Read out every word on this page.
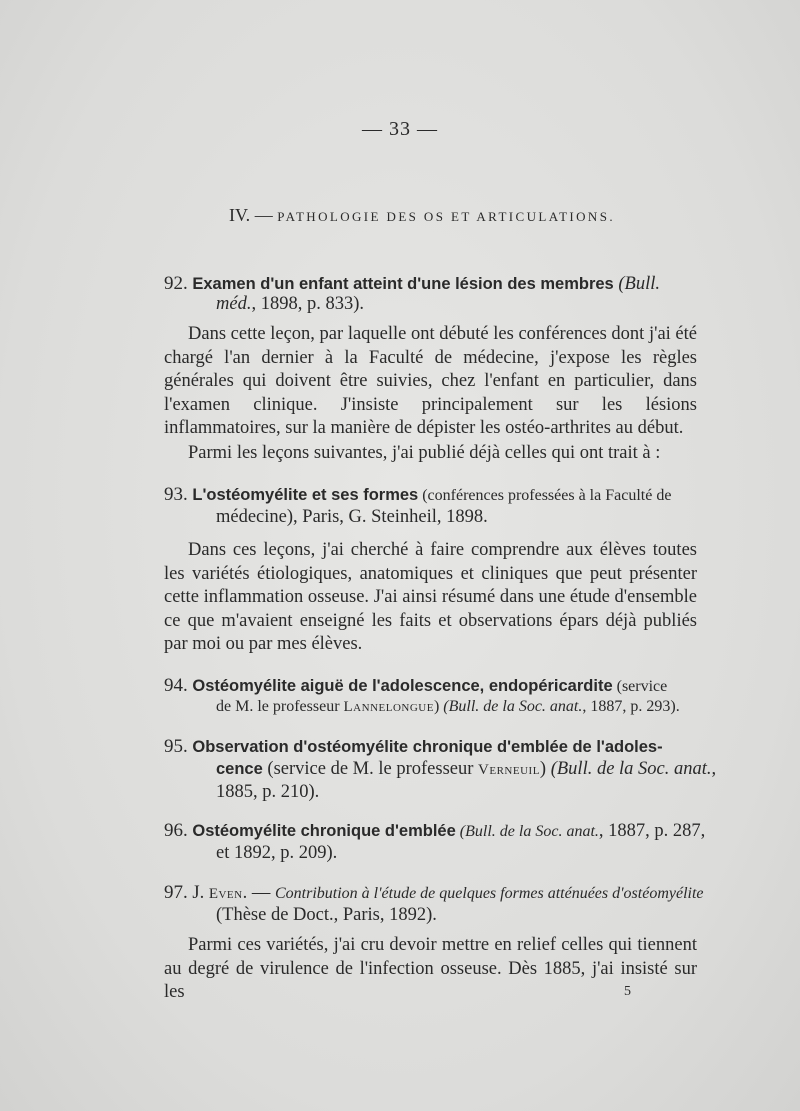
— 33 —
IV. — PATHOLOGIE DES OS ET ARTICULATIONS.
92. Examen d'un enfant atteint d'une lésion des membres (Bull.
méd., 1898, p. 833).

Dans cette leçon, par laquelle ont débuté les conférences dont j'ai été chargé l'an dernier à la Faculté de médecine, j'expose les règles générales qui doivent être suivies, chez l'enfant en particulier, dans l'examen clinique. J'insiste principalement sur les lésions inflammatoires, sur la manière de dépister les ostéo-arthrites au début.

Parmi les leçons suivantes, j'ai publié déjà celles qui ont trait à :

93. L'ostéomyélite et ses formes (conférences professées à la Faculté de
médecine), Paris, G. Steinheil, 1898.

Dans ces leçons, j'ai cherché à faire comprendre aux élèves toutes les variétés étiologiques, anatomiques et cliniques que peut présenter cette inflammation osseuse. J'ai ainsi résumé dans une étude d'ensemble ce que m'avaient enseigné les faits et observations épars déjà publiés par moi ou par mes élèves.

94. Ostéomyélite aiguë de l'adolescence, endopéricardite (service
de M. le professeur Lannelongue) (Bull. de la Soc. anat., 1887, p. 293).
95. Observation d'ostéomyélite chronique d'emblée de l'adoles-
cence (service de M. le professeur Verneuil) (Bull. de la Soc. anat.,
1885, p. 210).
96. Ostéomyélite chronique d'emblée (Bull. de la Soc. anat., 1887, p. 287,
et 1892, p. 209).
97. J. Even. — Contribution à l'étude de quelques formes atténuées d'ostéomyélite
(Thèse de Doct., Paris, 1892).

Parmi ces variétés, j'ai cru devoir mettre en relief celles qui tiennent au degré de virulence de l'infection osseuse. Dès 1885, j'ai insisté sur les	5
